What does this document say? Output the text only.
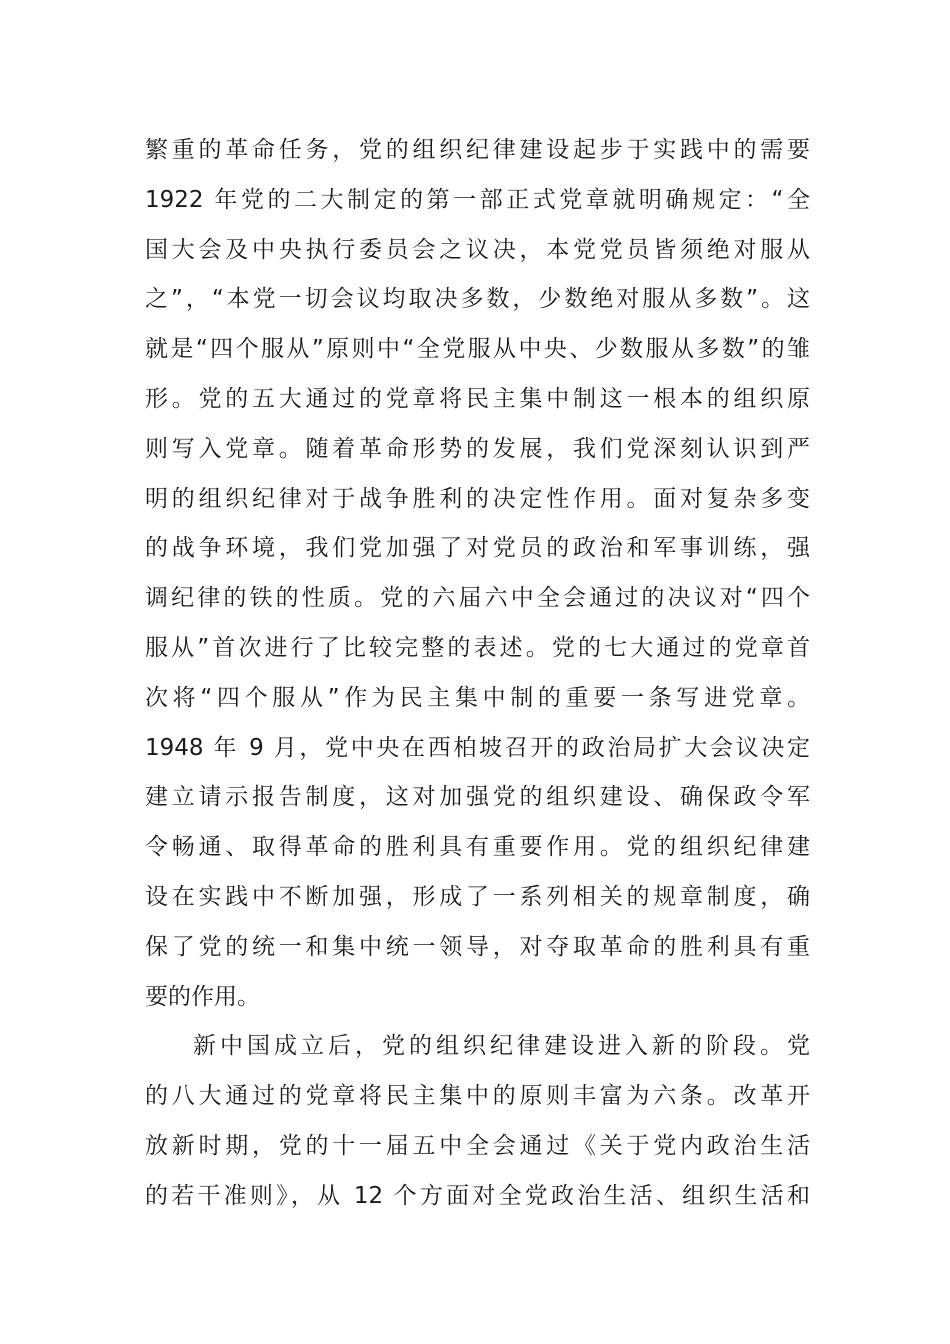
繁重的革命任务，党的组织纪律建设起步于实践中的需要
1922 年党的二大制定的第一部正式党章就明确规定：“全
国大会及中央执行委员会之议决，本党党员皆须绝对服从
之”，“本党一切会议均取决多数，少数绝对服从多数”。这
就是“四个服从”原则中“全党服从中央、少数服从多数”的雏
形。党的五大通过的党章将民主集中制这一根本的组织原
则写入党章。随着革命形势的发展，我们党深刻认识到严
明的组织纪律对于战争胜利的决定性作用。面对复杂多变
的战争环境，我们党加强了对党员的政治和军事训练，强
调纪律的铁的性质。党的六届六中全会通过的决议对“四个
服从”首次进行了比较完整的表述。党的七大通过的党章首
次将“四个服从”作为民主集中制的重要一条写进党章。
1948 年 9 月，党中央在西柏坡召开的政治局扩大会议决定
建立请示报告制度，这对加强党的组织建设、确保政令军
令畅通、取得革命的胜利具有重要作用。党的组织纪律建
设在实践中不断加强，形成了一系列相关的规章制度，确
保了党的统一和集中统一领导，对夺取革命的胜利具有重
要的作用。
新中国成立后，党的组织纪律建设进入新的阶段。党
的八大通过的党章将民主集中的原则丰富为六条。改革开
放新时期，党的十一届五中全会通过《关于党内政治生活
的若干准则》，从 12 个方面对全党政治生活、组织生活和
